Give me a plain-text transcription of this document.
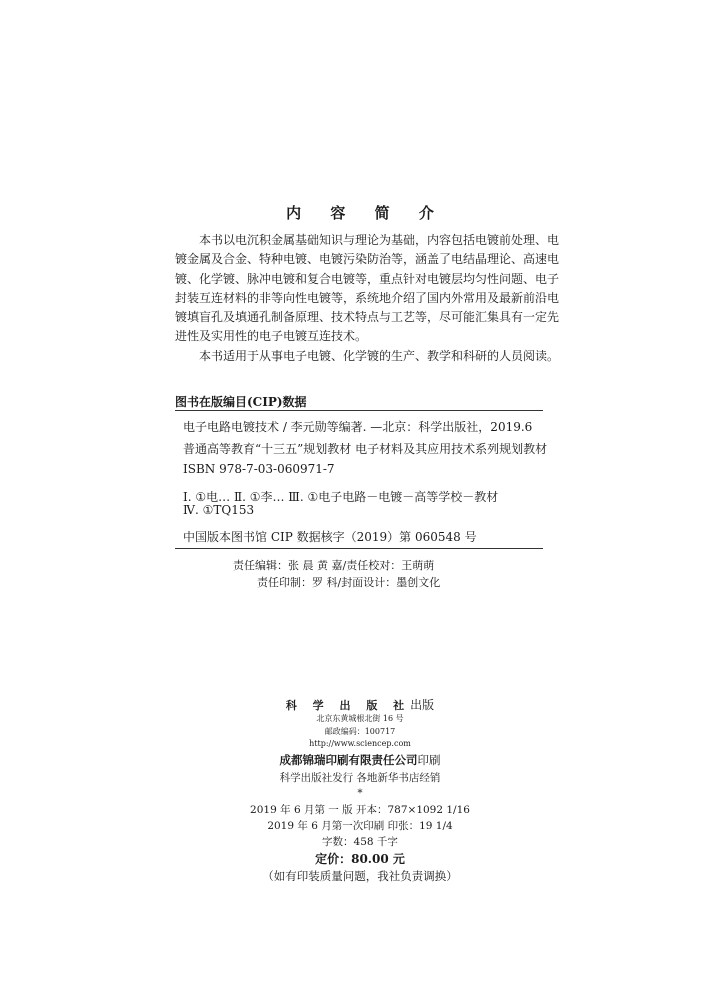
内 容 简 介
本书以电沉积金属基础知识与理论为基础，内容包括电镀前处理、电
镀金属及合金、特种电镀、电镀污染防治等，涵盖了电结晶理论、高速电
镀、化学镀、脉冲电镀和复合电镀等，重点针对电镀层均匀性问题、电子
封装互连材料的非等向性电镀等，系统地介绍了国内外常用及最新前沿电
镀填盲孔及填通孔制备原理、技术特点与工艺等，尽可能汇集具有一定先
进性及实用性的电子电镀互连技术。
本书适用于从事电子电镀、化学镀的生产、教学和科研的人员阅读。
图书在版编目(CIP)数据
电子电路电镀技术 / 李元勋等编著. —北京：科学出版社，2019.6
普通高等教育“十三五”规划教材 电子材料及其应用技术系列规划教材
ISBN 978-7-03-060971-7
Ⅰ. ①电… Ⅱ. ①李… Ⅲ. ①电子电路－电镀－高等学校－教材
Ⅳ. ①TQ153
中国版本图书馆 CIP 数据核字（2019）第 060548 号
责任编辑：张 晨 黄 嘉/责任校对：王萌萌
责任印制：罗 科/封面设计：墨创文化
科 学 出 版 社出版
北京东黄城根北街 16 号
邮政编码：100717
http://www.sciencep.com
成都锦瑞印刷有限责任公司印刷
科学出版社发行 各地新华书店经销
*
2019 年 6 月第 一 版 开本：787×1092 1/16
2019 年 6 月第一次印刷 印张：19 1/4
字数：458 千字
定价：80.00 元
（如有印装质量问题，我社负责调换）
